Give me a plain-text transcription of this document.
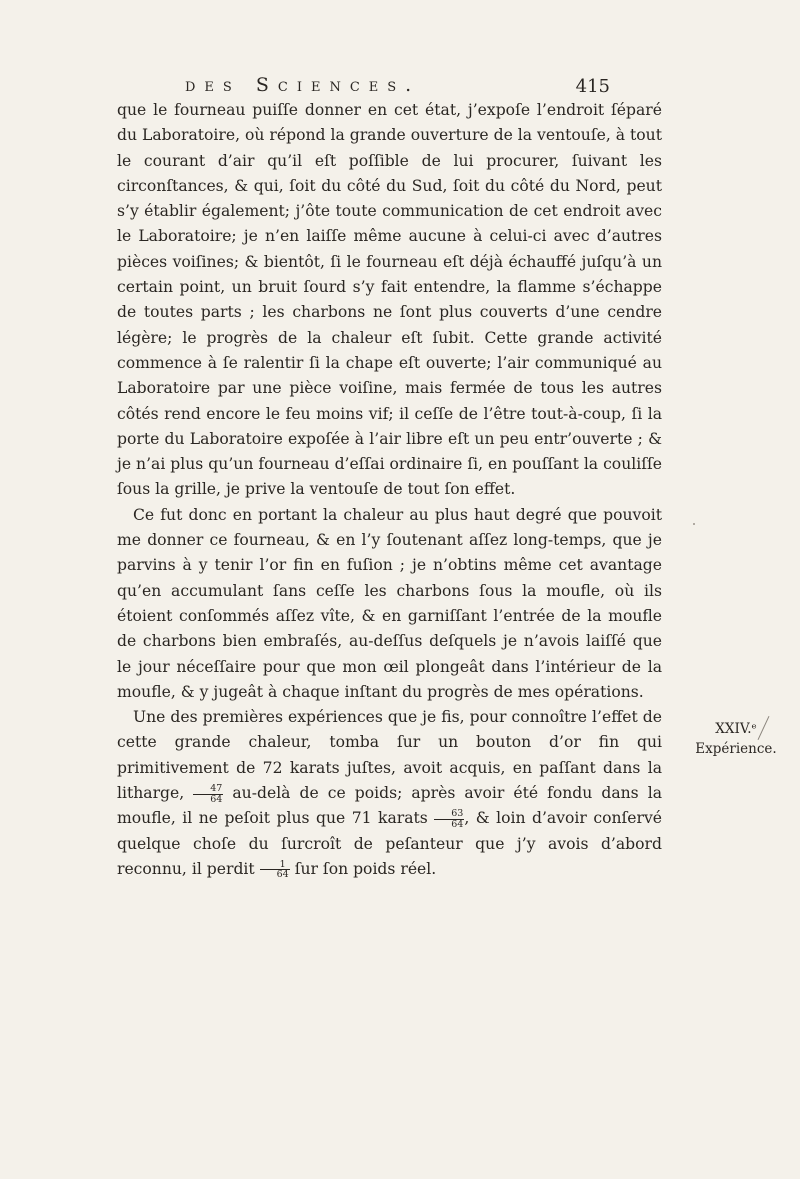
des Sciences.	415

que le fourneau puiſſe donner en cet état, j’expoſe l’endroit ſéparé du Laboratoire, où répond la grande ouverture de la ventouſe, à tout le courant d’air qu’il eſt poſſible de lui procurer, ſuivant les circonſtances, & qui, ſoit du côté du Sud, ſoit du côté du Nord, peut s’y établir également; j’ôte toute communication de cet endroit avec le Laboratoire; je n’en laiſſe même aucune à celui-ci avec d’autres pièces voiſines; & bientôt, ſi le fourneau eſt déjà échauffé juſqu’à un certain point, un bruit ſourd s’y fait entendre, la flamme s’échappe de toutes parts ; les charbons ne ſont plus couverts d’une cendre légère; le progrès de la chaleur eſt ſubit. Cette grande activité commence à ſe ralentir ſi la chape eſt ouverte; l’air communiqué au Laboratoire par une pièce voiſine, mais fermée de tous les autres côtés rend encore le feu moins vif; il ceſſe de l’être tout-à-coup, ſi la porte du Laboratoire expoſée à l’air libre eſt un peu entr’ouverte ; & je n’ai plus qu’un fourneau d’eſſai ordinaire ſi, en pouſſant la couliſſe ſous la grille, je prive la ventouſe de tout ſon effet.

Ce fut donc en portant la chaleur au plus haut degré que pouvoit me donner ce fourneau, & en l’y ſoutenant aſſez long-temps, que je parvins à y tenir l’or fin en fuſion ; je n’obtins même cet avantage qu’en accumulant ſans ceſſe les charbons ſous la moufle, où ils étoient conſommés aſſez vîte, & en garniſſant l’entrée de la moufle de charbons bien embraſés, au-deſſus deſquels je n’avois laiſſé que le jour néceſſaire pour que mon œil plongeât dans l’intérieur de la moufle, & y jugeât à chaque inſtant du progrès de mes opérations.

Une des premières expériences que je fis, pour connoître l’effet de cette grande chaleur, tomba ſur un bouton d’or fin qui primitivement de 72 karats juſtes, avoit acquis, en paſſant dans la litharge, $\frac{47}{64}$ au-delà de ce poids; après avoir été fondu dans la moufle, il ne peſoit plus que 71 karats $\frac{63}{64}$ , & loin d’avoir conſervé quelque choſe du ſurcroît de peſanteur que j’y avois d’abord reconnu, il perdit $\frac{1}{64}$ ſur ſon poids réel.

XXIV.ᵉ
Expérience.
